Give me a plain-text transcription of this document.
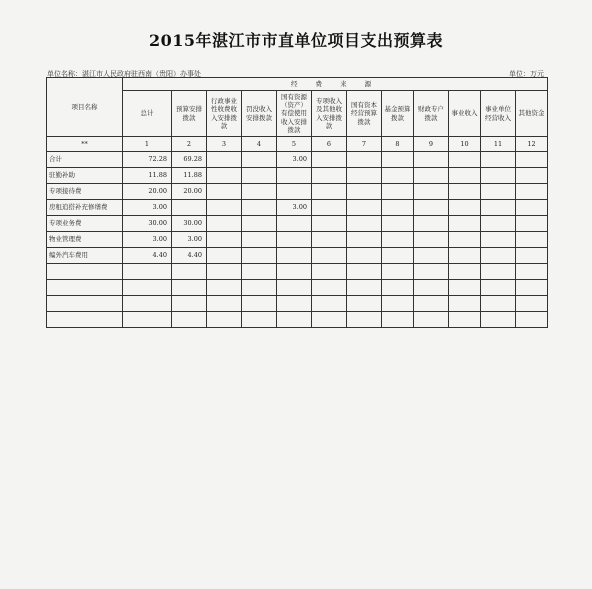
2015年湛江市市直单位项目支出预算表
单位名称：湛江市人民政府驻西南（贵阳）办事处	单位：万元
项目名称	经 费 来 源											
	总计	预算安排拨款	行政事业性收费收入安排拨款	罚没收入安排拨款	国有资源（资产）有偿使用收入安排拨款	专项收入及其他收入安排拨款	国有资本经营预算拨款	基金预算拨款	财政专户拨款	事业收入	事业单位经营收入	其他资金
**	1	2	3	4	5	6	7	8	9	10	11	12
合计	72.28	69.28			3.00							
驻勤补助	11.88	11.88										
专项接待费	20.00	20.00										
房租追搭补充修缮费	3.00				3.00							
专项业务费	30.00	30.00										
物业管理费	3.00	3.00										
编外汽车费用	4.40	4.40										
